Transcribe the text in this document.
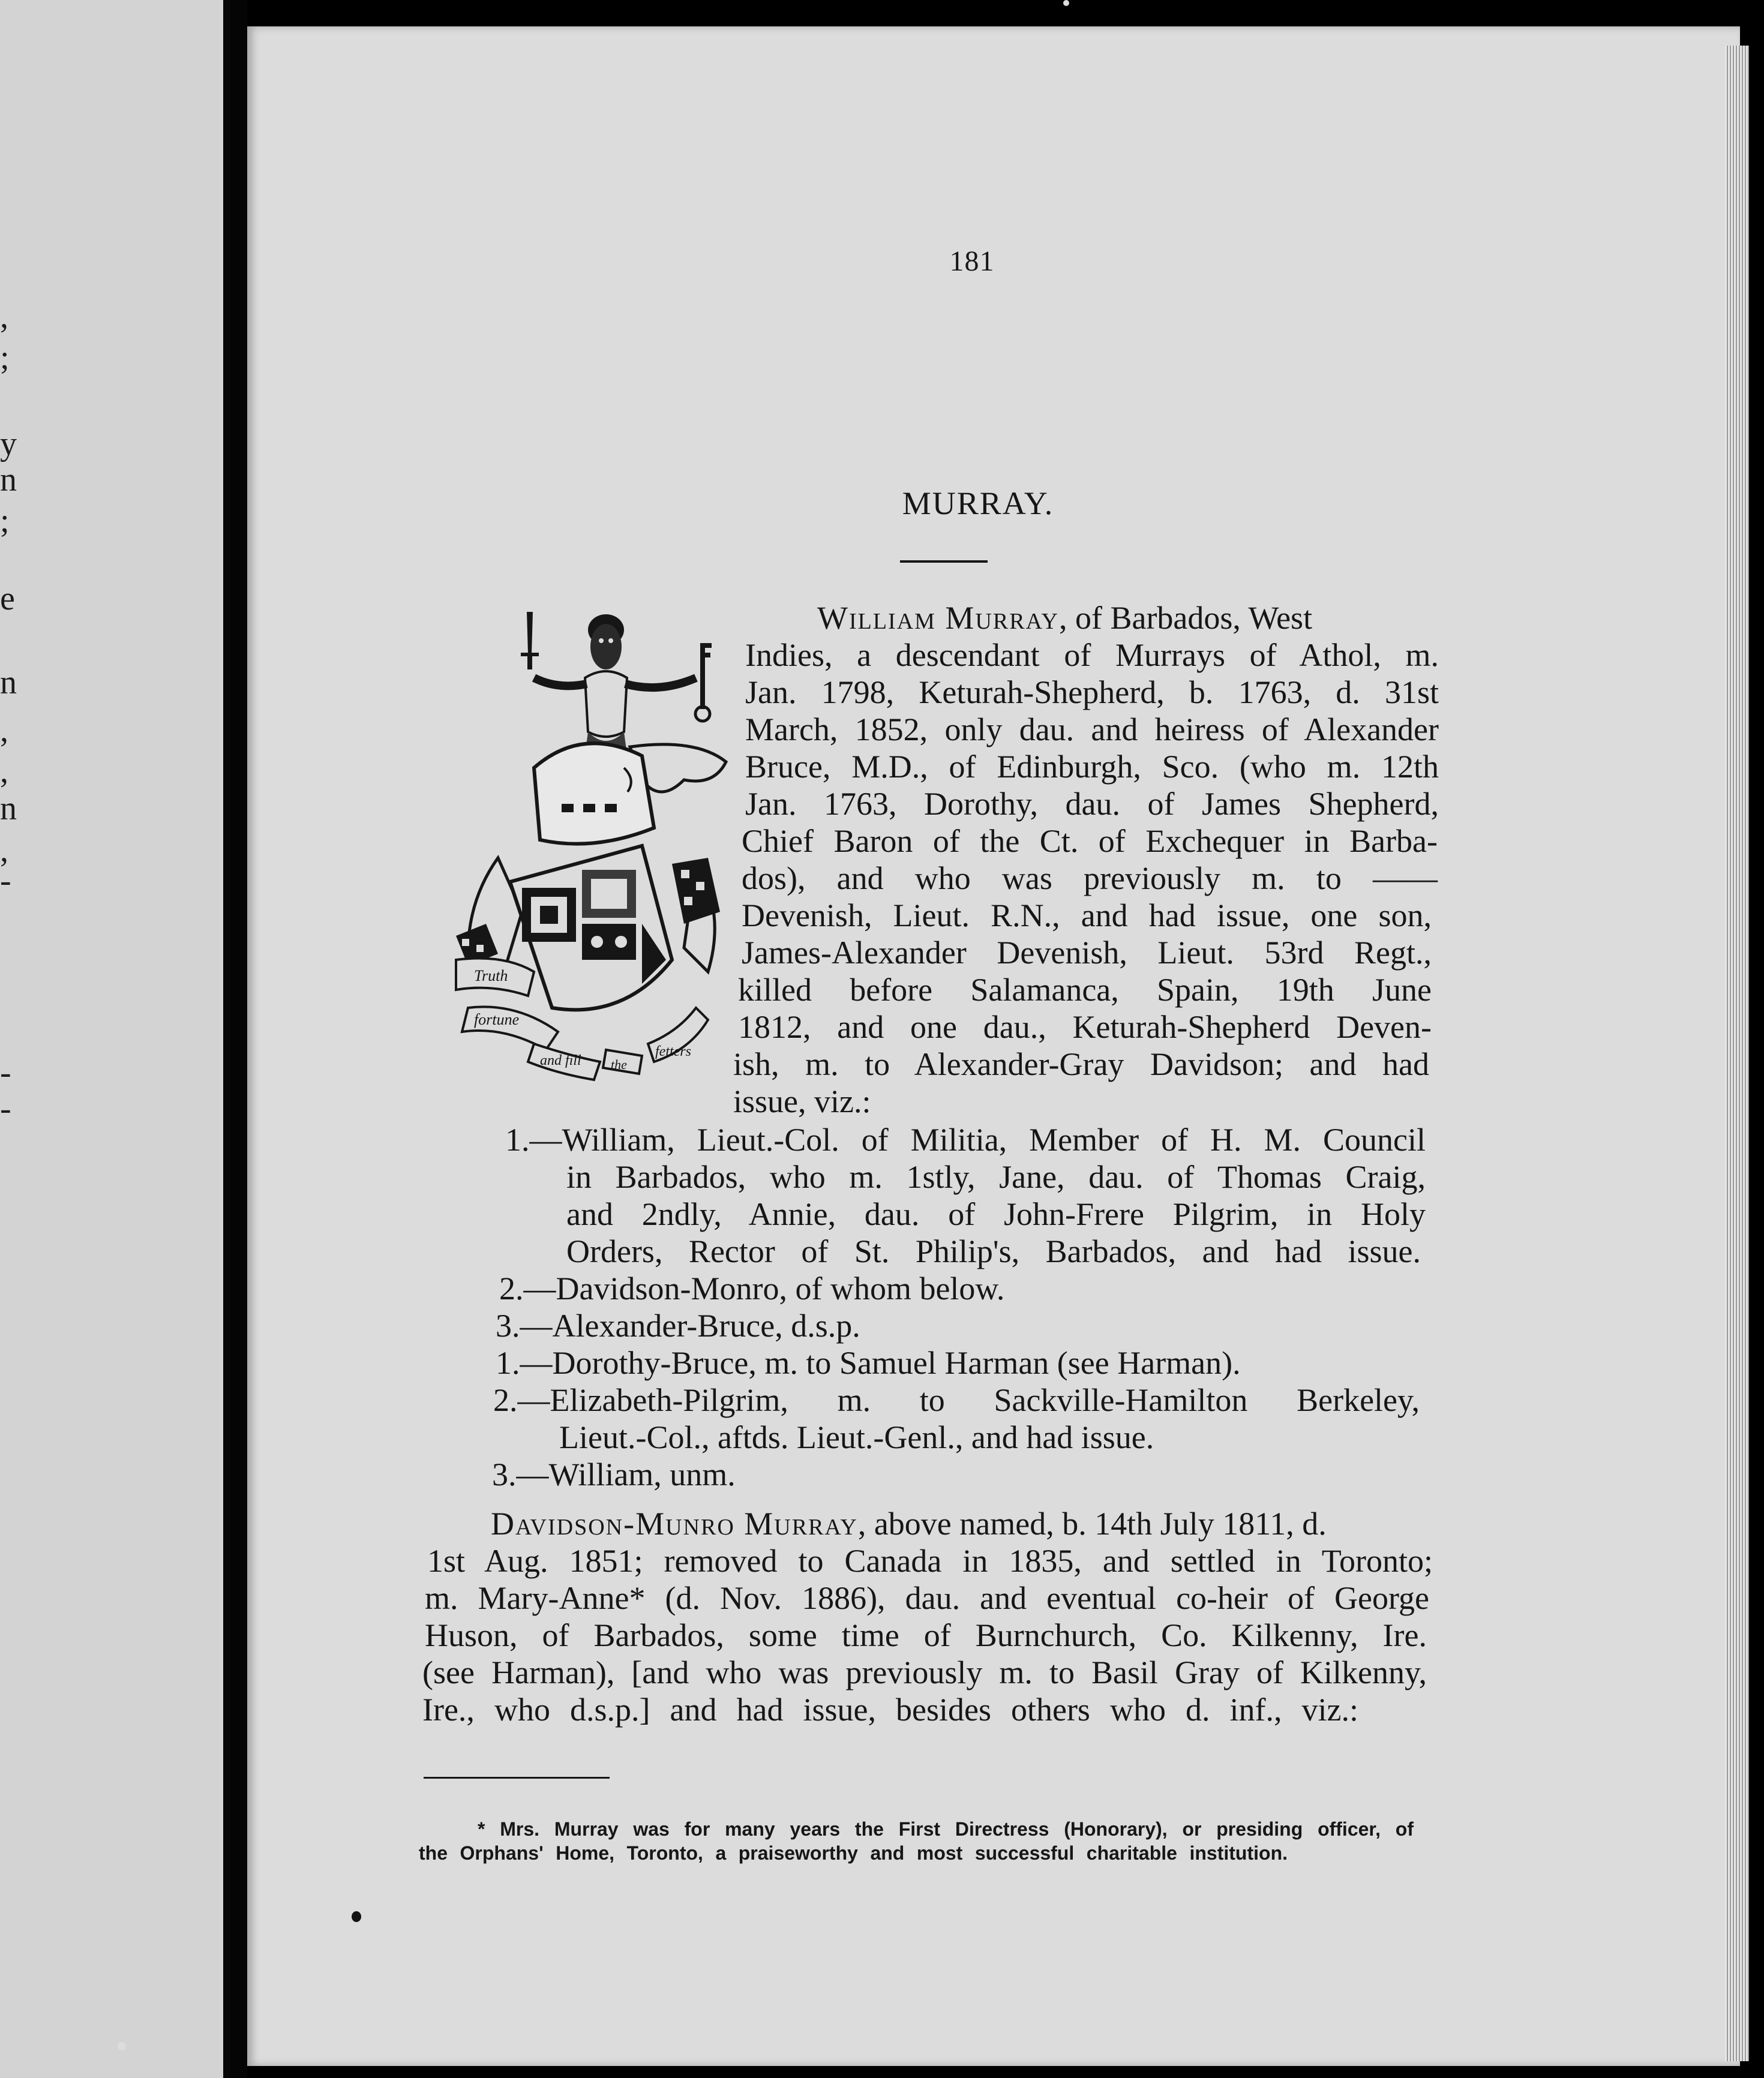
,
;
y
n
;
e
n
,
,
n
,
-
-
-
181
MURRAY.
Truth
fortune
and fill the
fetters
William Murray, of Barbados, West
Indies, a descendant of Murrays of Athol, m.
Jan. 1798, Keturah-Shepherd, b. 1763, d. 31st
March, 1852, only dau. and heiress of Alexander
Bruce, M.D., of Edinburgh, Sco. (who m. 12th
Jan. 1763, Dorothy, dau. of James Shepherd,
Chief Baron of the Ct. of Exchequer in Barba-
dos), and who was previously m. to ——
Devenish, Lieut. R.N., and had issue, one son,
James-Alexander Devenish, Lieut. 53rd Regt.,
killed before Salamanca, Spain, 19th June
1812, and one dau., Keturah-Shepherd Deven-
ish, m. to Alexander-Gray Davidson; and had
issue, viz.:
1.—William, Lieut.-Col. of Militia, Member of H. M. Council
in Barbados, who m. 1stly, Jane, dau. of Thomas Craig,
and 2ndly, Annie, dau. of John-Frere Pilgrim, in Holy
Orders, Rector of St. Philip's, Barbados, and had issue.
2.—Davidson-Monro, of whom below.
3.—Alexander-Bruce, d.s.p.
1.—Dorothy-Bruce, m. to Samuel Harman (see Harman).
2.—Elizabeth-Pilgrim, m. to Sackville-Hamilton Berkeley,
Lieut.-Col., aftds. Lieut.-Genl., and had issue.
3.—William, unm.
Davidson-Munro Murray, above named, b. 14th July 1811, d.
1st Aug. 1851; removed to Canada in 1835, and settled in Toronto;
m. Mary-Anne* (d. Nov. 1886), dau. and eventual co-heir of George
Huson, of Barbados, some time of Burnchurch, Co. Kilkenny, Ire.
(see Harman), [and who was previously m. to Basil Gray of Kilkenny,
Ire., who d.s.p.] and had issue, besides others who d. inf., viz.:
* Mrs. Murray was for many years the First Directress (Honorary), or presiding officer, of
the Orphans' Home, Toronto, a praiseworthy and most successful charitable institution.
